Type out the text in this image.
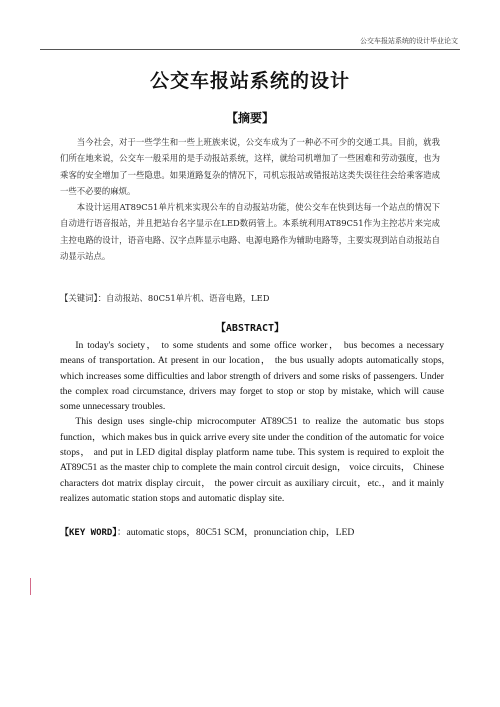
公交车报站系统的设计毕业论文
公交车报站系统的设计
【摘要】

当今社会，对于一些学生和一些上班族来说，公交车成为了一种必不可少的交通工具。目前，就我们所在地来说，公交车一般采用的是手动报站系统，这样，就给司机增加了一些困难和劳动强度，也为乘客的安全增加了一些隐患。如果道路复杂的情况下，司机忘报站或错报站这类失误往往会给乘客造成一些不必要的麻烦。

本设计运用AT89C51单片机来实现公车的自动报站功能，使公交车在快到达每一个站点的情况下自动进行语音报站，并且把站台名字显示在LED数码管上。本系统利用AT89C51作为主控芯片来完成主控电路的设计，语音电路、汉字点阵显示电路、电源电路作为辅助电路等，主要实现到站自动报站自动显示站点。

【关键词】：自动报站、80C51单片机、语音电路，LED
【ABSTRACT】

In today's society， to some students and some office worker， bus becomes a necessary means of transportation. At present in our location， the bus usually adopts automatically stops, which increases some difficulties and labor strength of drivers and some risks of passengers. Under the complex road circumstance, drivers may forget to stop or stop by mistake, which will cause some unnecessary troubles.

This design uses single-chip microcomputer AT89C51 to realize the automatic bus stops function，which makes bus in quick arrive every site under the condition of the automatic for voice stops， and put in LED digital display platform name tube. This system is required to exploit the AT89C51 as the master chip to complete the main control circuit design， voice circuits， Chinese characters dot matrix display circuit， the power circuit as auxiliary circuit，etc.，and it mainly realizes automatic station stops and automatic display site.

【KEY WORD】：automatic stops，80C51 SCM，pronunciation chip，LED
